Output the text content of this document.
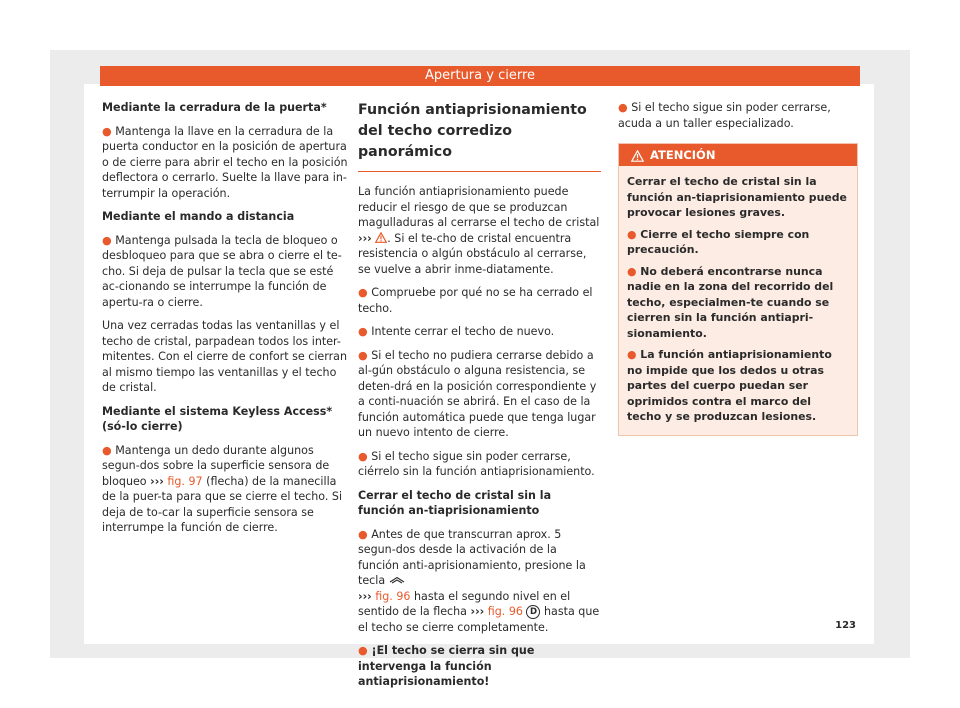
Apertura y cierre

Mediante la cerradura de la puerta*

● Mantenga la llave en la cerradura de la puerta conductor en la posición de apertura o de cierre para abrir el techo en la posición deflectora o cerrarlo. Suelte la llave para in-terrumpir la operación.

Mediante el mando a distancia

● Mantenga pulsada la tecla de bloqueo o desbloqueo para que se abra o cierre el te-cho. Si deja de pulsar la tecla que se esté ac-cionando se interrumpe la función de apertu-ra o cierre.

Una vez cerradas todas las ventanillas y el techo de cristal, parpadean todos los inter-mitentes. Con el cierre de confort se cierran al mismo tiempo las ventanillas y el techo de cristal.

Mediante el sistema Keyless Access* (só-lo cierre)

● Mantenga un dedo durante algunos segun-dos sobre la superficie sensora de bloqueo ››› fig. 97 (flecha) de la manecilla de la puer-ta para que se cierre el techo. Si deja de to-car la superficie sensora se interrumpe la función de cierre.

Función antiaprisionamiento del techo corredizo panorámico

La función antiaprisionamiento puede reducir el riesgo de que se produzcan magulladuras al cerrarse el techo de cristal ››› . Si el te-cho de cristal encuentra resistencia o algún obstáculo al cerrarse, se vuelve a abrir inme-diatamente.

● Compruebe por qué no se ha cerrado el techo.

● Intente cerrar el techo de nuevo.

● Si el techo no pudiera cerrarse debido a al-gún obstáculo o alguna resistencia, se deten-drá en la posición correspondiente y a conti-nuación se abrirá. En el caso de la función automática puede que tenga lugar un nuevo intento de cierre.

● Si el techo sigue sin poder cerrarse, ciérrelo sin la función antiaprisionamiento.

Cerrar el techo de cristal sin la función an-tiaprisionamiento

● Antes de que transcurran aprox. 5 segun-dos desde la activación de la función anti-aprisionamiento, presione la tecla
››› fig. 96 hasta el segundo nivel en el sentido de la flecha ››› fig. 96 D hasta que el techo se cierre completamente.

● ¡El techo se cierra sin que intervenga la función antiaprisionamiento!

● Si el techo sigue sin poder cerrarse, acuda a un taller especializado.

ATENCIÓN

Cerrar el techo de cristal sin la función an-tiaprisionamiento puede provocar lesiones graves.

● Cierre el techo siempre con precaución.

● No deberá encontrarse nunca nadie en la zona del recorrido del techo, especialmen-te cuando se cierren sin la función antiapri-sionamiento.

● La función antiaprisionamiento no impide que los dedos u otras partes del cuerpo puedan ser oprimidos contra el marco del techo y se produzcan lesiones.

123
